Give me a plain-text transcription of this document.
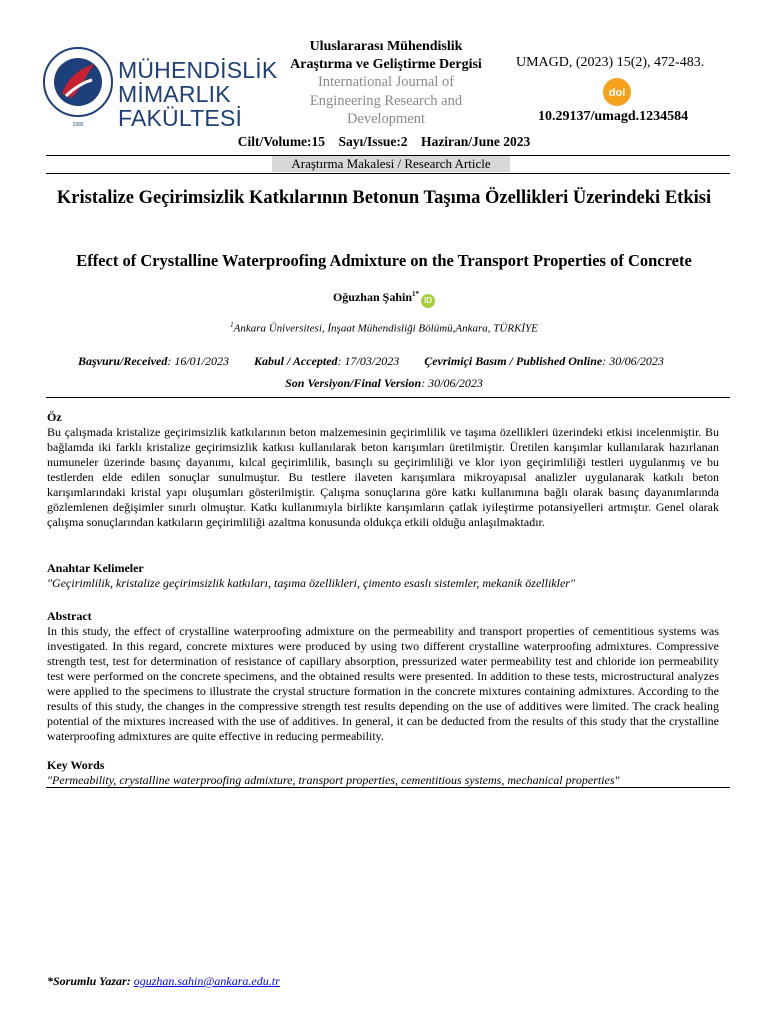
1992
MÜHENDİSLİK
MİMARLIK
FAKÜLTESİ
Uluslararası Mühendislik
Araştırma ve Geliştirme Dergisi
International Journal of
Engineering Research and
Development
UMAGD, (2023) 15(2), 472-483.
doi
10.29137/umagd.1234584
Cilt/Volume:15    Sayı/Issue:2    Haziran/June 2023
Araştırma Makalesi / Research Article
Kristalize Geçirimsizlik Katkılarının Betonun Taşıma Özellikleri Üzerindeki Etkisi
Effect of Crystalline Waterproofing Admixture on the Transport Properties of Concrete
Oğuzhan Şahin$^{1*}$iD
$^1$Ankara Üniversitesi, İnşaat Mühendisliği Bölümü,Ankara, TÜRKİYE
Başvuru/Received: 16/01/2023 Kabul / Accepted: 17/03/2023 Çevrimiçi Basım / Published Online: 30/06/2023
Son Versiyon/Final Version: 30/06/2023
Öz

Bu çalışmada kristalize geçirimsizlik katkılarının beton malzemesinin geçirimlilik ve taşıma özellikleri üzerindeki etkisi incelenmiştir. Bu bağlamda iki farklı kristalize geçirimsizlik katkısı kullanılarak beton karışımları üretilmiştir. Üretilen karışımlar kullanılarak hazırlanan numuneler üzerinde basınç dayanımı, kılcal geçirimlilik, basınçlı su geçirimliliği ve klor iyon geçirimliliği testleri uygulanmış ve bu testlerden elde edilen sonuçlar sunulmuştur. Bu testlere ilaveten karışımlara mikroyapısal analizler uygulanarak katkılı beton karışımlarındaki kristal yapı oluşumları gösterilmiştir. Çalışma sonuçlarına göre katkı kullanımına bağlı olarak basınç dayanımlarında gözlemlenen değişimler sınırlı olmuştur. Katkı kullanımıyla birlikte karışımların çatlak iyileştirme potansiyelleri artmıştır. Genel olarak çalışma sonuçlarından katkıların geçirimliliği azaltma konusunda oldukça etkili olduğu anlaşılmaktadır.

Anahtar Kelimeler

"Geçirimlilik, kristalize geçirimsizlik katkıları, taşıma özellikleri, çimento esaslı sistemler, mekanik özellikler"

Abstract

In this study, the effect of crystalline waterproofing admixture on the permeability and transport properties of cementitious systems was investigated. In this regard, concrete mixtures were produced by using two different crystalline waterproofing admixtures. Compressive strength test, test for determination of resistance of capillary absorption, pressurized water permeability test and chloride ion permeability test were performed on the concrete specimens, and the obtained results were presented. In addition to these tests, microstructural analyzes were applied to the specimens to illustrate the crystal structure formation in the concrete mixtures containing admixtures. According to the results of this study, the changes in the compressive strength test results depending on the use of additives were limited. The crack healing potential of the mixtures increased with the use of additives. In general, it can be deducted from the results of this study that the crystalline waterproofing admixtures are quite effective in reducing permeability.

Key Words

"Permeability, crystalline waterproofing admixture, transport properties, cementitious systems, mechanical properties"

*Sorumlu Yazar: oguzhan.sahin@ankara.edu.tr
